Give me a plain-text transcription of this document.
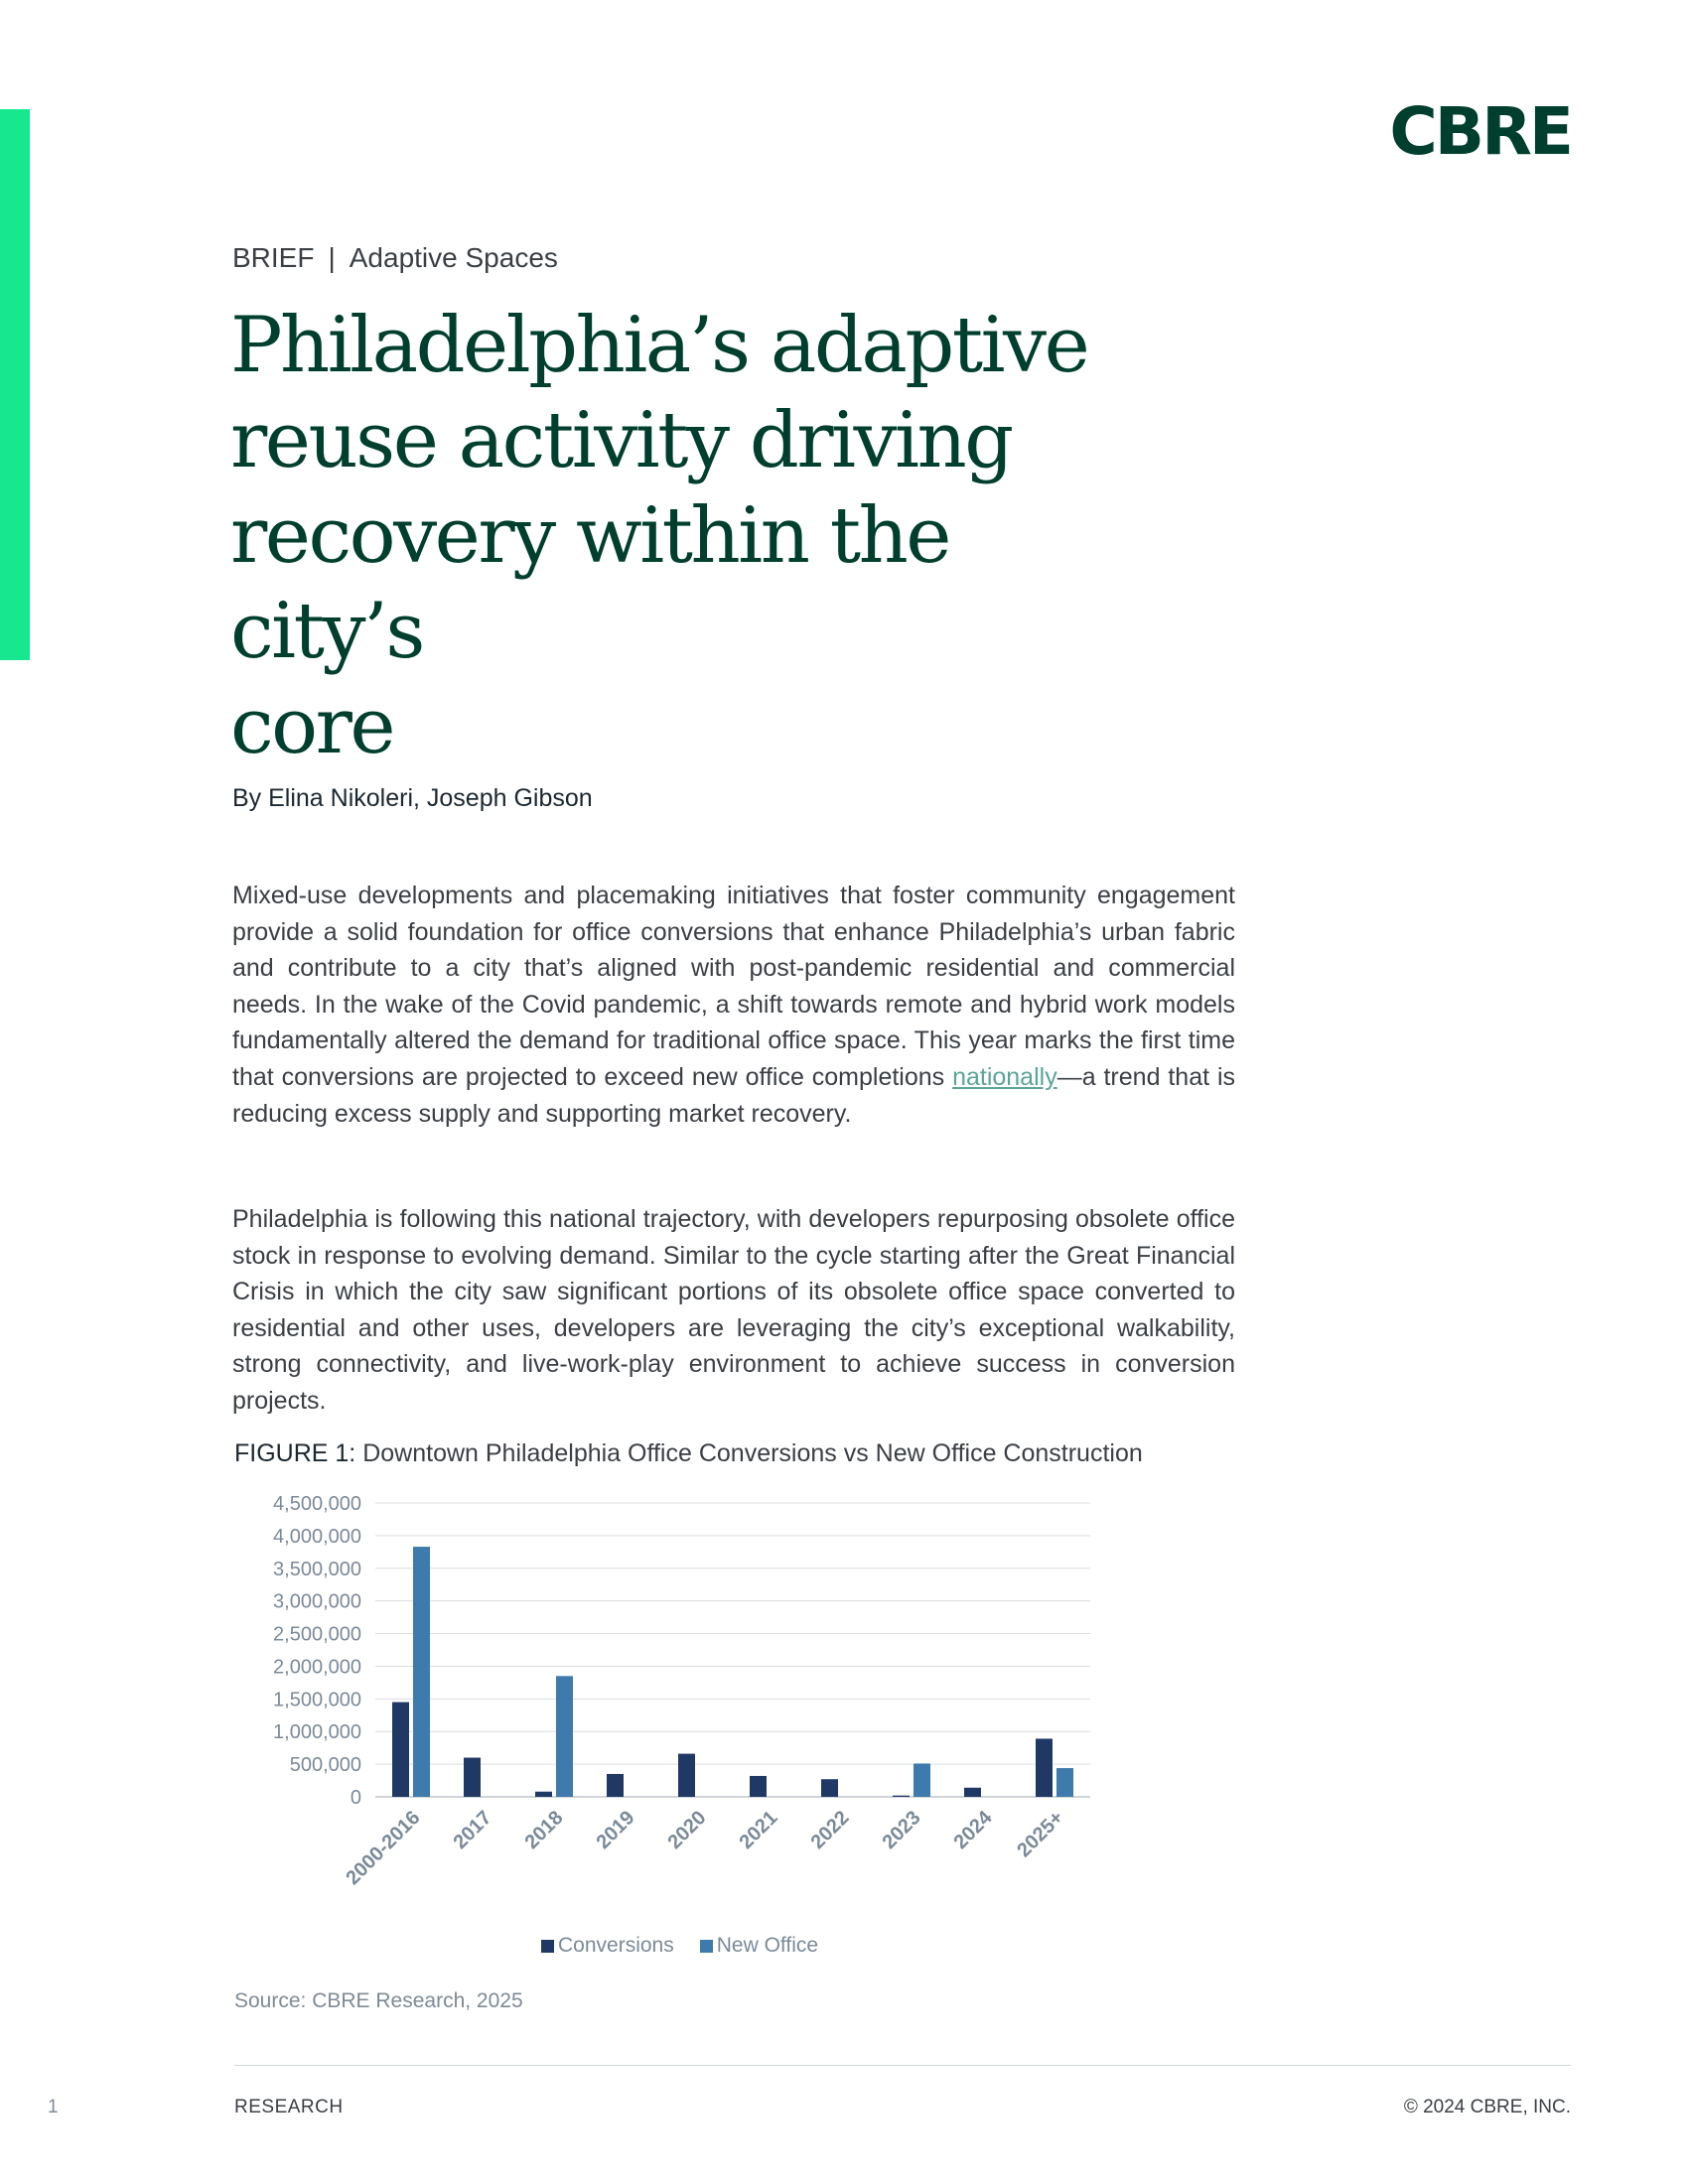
CBRE
BRIEF | Adaptive Spaces
Philadelphia’s adaptive
reuse activity driving
recovery within the city’s
core
By Elina Nikoleri, Joseph Gibson

Mixed-use developments and placemaking initiatives that foster community engagement provide a solid foundation for office conversions that enhance Philadelphia’s urban fabric and contribute to a city that’s aligned with post-pandemic residential and commercial needs. In the wake of the Covid pandemic, a shift towards remote and hybrid work models fundamentally altered the demand for traditional office space. This year marks the first time that conversions are projected to exceed new office completions nationally—a trend that is reducing excess supply and supporting market recovery.

Philadelphia is following this national trajectory, with developers repurposing obsolete office stock in response to evolving demand. Similar to the cycle starting after the Great Financial Crisis in which the city saw significant portions of its obsolete office space converted to residential and other uses, developers are leveraging the city’s exceptional walkability, strong connectivity, and live-work-play environment to achieve success in conversion projects.

FIGURE 1: Downtown Philadelphia Office Conversions vs New Office Construction
0
500,000
1,000,000
1,500,000
2,000,000
2,500,000
3,000,000
3,500,000
4,000,000
4,500,000
2000-2016 2017 2018 2019 2020 2021 2022 2023 2024 2025+
Conversions New Office
Source: CBRE Research, 2025
1	RESEARCH	© 2024 CBRE, INC.
